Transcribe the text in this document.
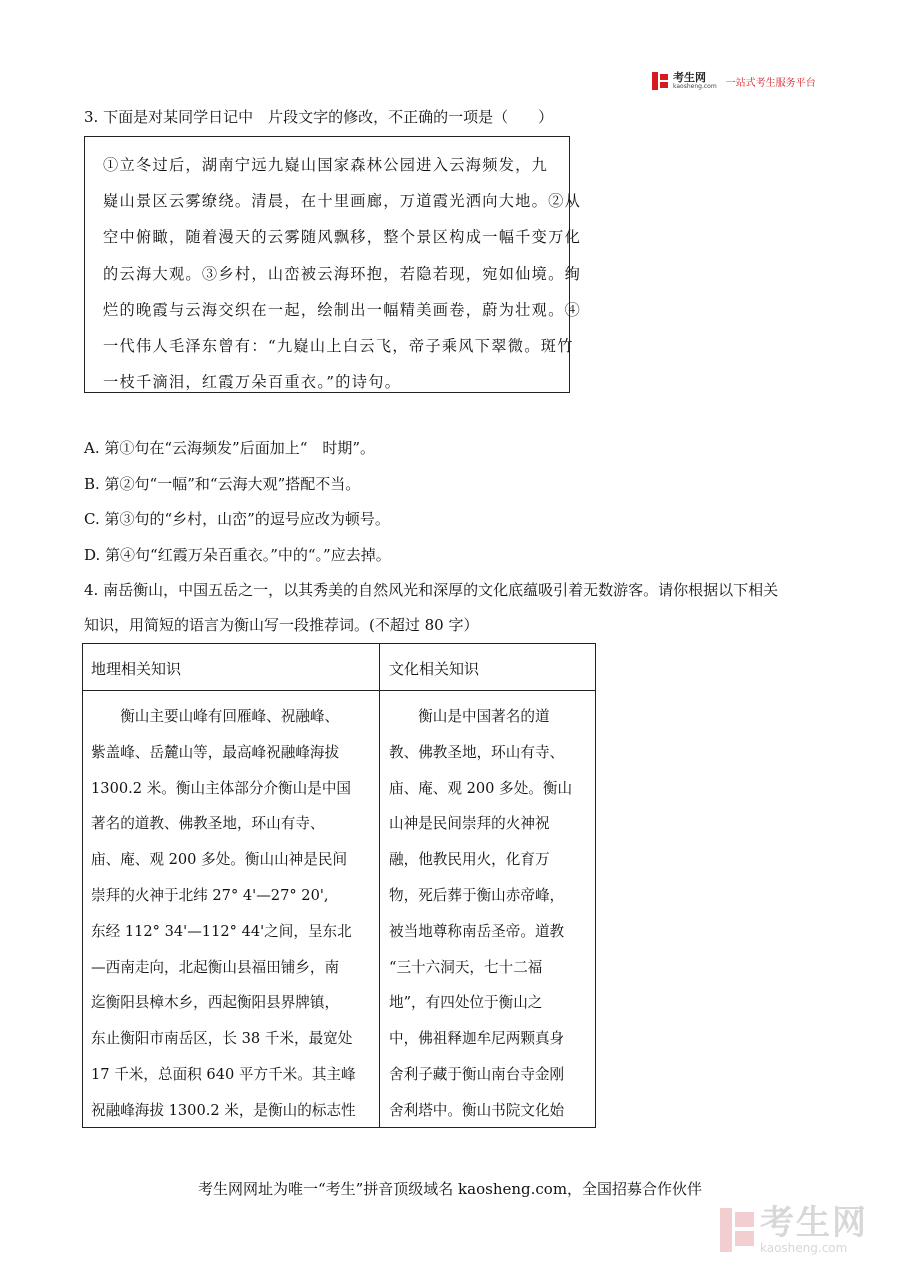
考生网
kaosheng.com 一站式考生服务平台
3. 下面是对某同学日记中　片段文字的修改，不正确的一项是（　　）

①立冬过后，湖南宁远九嶷山国家森林公园进入云海频发，九

嶷山景区云雾缭绕。清晨，在十里画廊，万道霞光洒向大地。②从

空中俯瞰，随着漫天的云雾随风飘移，整个景区构成一幅千变万化

的云海大观。③乡村，山峦被云海环抱，若隐若现，宛如仙境。绚

烂的晚霞与云海交织在一起，绘制出一幅精美画卷，蔚为壮观。④

一代伟人毛泽东曾有：“九嶷山上白云飞，帝子乘风下翠微。斑竹

一枝千滴泪，红霞万朵百重衣。”的诗句。

A. 第①句在“云海频发”后面加上“　时期”。
B. 第②句“一幅”和“云海大观”搭配不当。
C. 第③句的“乡村，山峦”的逗号应改为顿号。
D. 第④句“红霞万朵百重衣。”中的“。”应去掉。
4. 南岳衡山，中国五岳之一，以其秀美的自然风光和深厚的文化底蕴吸引着无数游客。请你根据以下相关
知识，用简短的语言为衡山写一段推荐词。(不超过 80 字）
地理相关知识	文化相关知识

　　衡山主要山峰有回雁峰、祝融峰、

紫盖峰、岳麓山等，最高峰祝融峰海拔

1300.2 米。衡山主体部分介衡山是中国

著名的道教、佛教圣地，环山有寺、

庙、庵、观 200 多处。衡山山神是民间

崇拜的火神于北纬 27° 4'—27° 20',

东经 112° 34'—112° 44'之间，呈东北

—西南走向，北起衡山县福田铺乡，南

迄衡阳县樟木乡，西起衡阳县界牌镇，

东止衡阳市南岳区，长 38 千米，最宽处

17 千米，总面积 640 平方千米。其主峰

祝融峰海拔 1300.2 米，是衡山的标志性

　　衡山是中国著名的道

教、佛教圣地，环山有寺、

庙、庵、观 200 多处。衡山

山神是民间崇拜的火神祝

融，他教民用火，化育万

物，死后葬于衡山赤帝峰，

被当地尊称南岳圣帝。道教

“三十六洞天，七十二福

地”，有四处位于衡山之

中，佛祖释迦牟尼两颗真身

舍利子藏于衡山南台寺金刚

舍利塔中。衡山书院文化始

考生网网址为唯一“考生”拼音顶级域名 kaosheng.com，全国招募合作伙伴
考生网
kaosheng.com
